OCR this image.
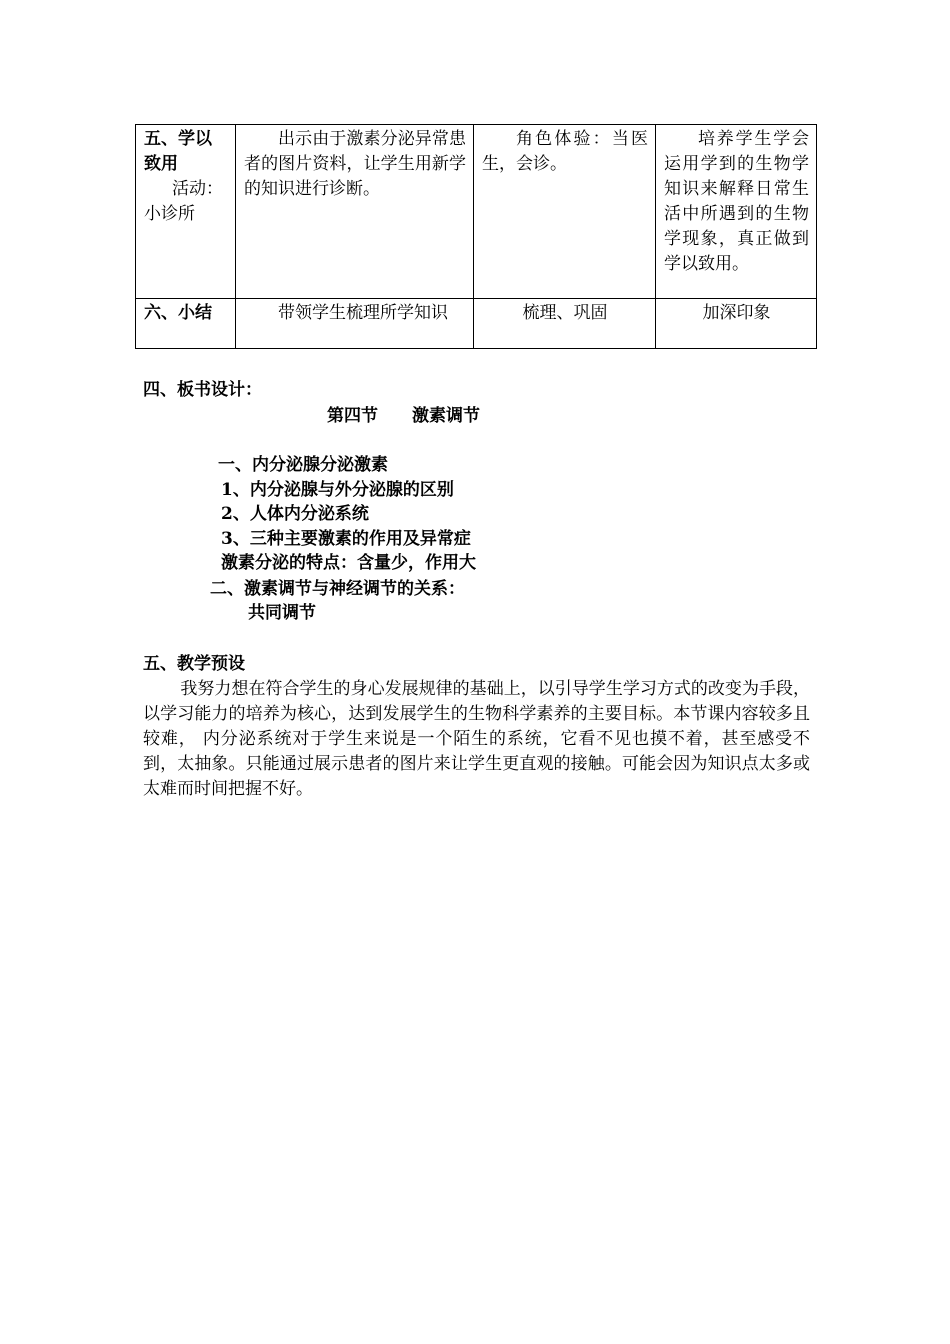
五、学以
致用
活动：
小诊所	出示由于激素分泌异常患者的图片资料，让学生用新学的知识进行诊断。	角色体验：当医生，会诊。	培养学生学会运用学到的生物学知识来解释日常生活中所遇到的生物学现象，真正做到学以致用。
六、小结	带领学生梳理所学知识	梳理、巩固	加深印象
四、板书设计：
第四节　　激素调节
一、内分泌腺分泌激素
1、内分泌腺与外分泌腺的区别
2、人体内分泌系统
3、三种主要激素的作用及异常症
激素分泌的特点：含量少，作用大
二、激素调节与神经调节的关系：
共同调节
五、教学预设
我努力想在符合学生的身心发展规律的基础上，以引导学生学习方式的改变为手段，以学习能力的培养为核心，达到发展学生的生物科学素养的主要目标。本节课内容较多且较难， 内分泌系统对于学生来说是一个陌生的系统，它看不见也摸不着，甚至感受不到，太抽象。只能通过展示患者的图片来让学生更直观的接触。可能会因为知识点太多或太难而时间把握不好。
